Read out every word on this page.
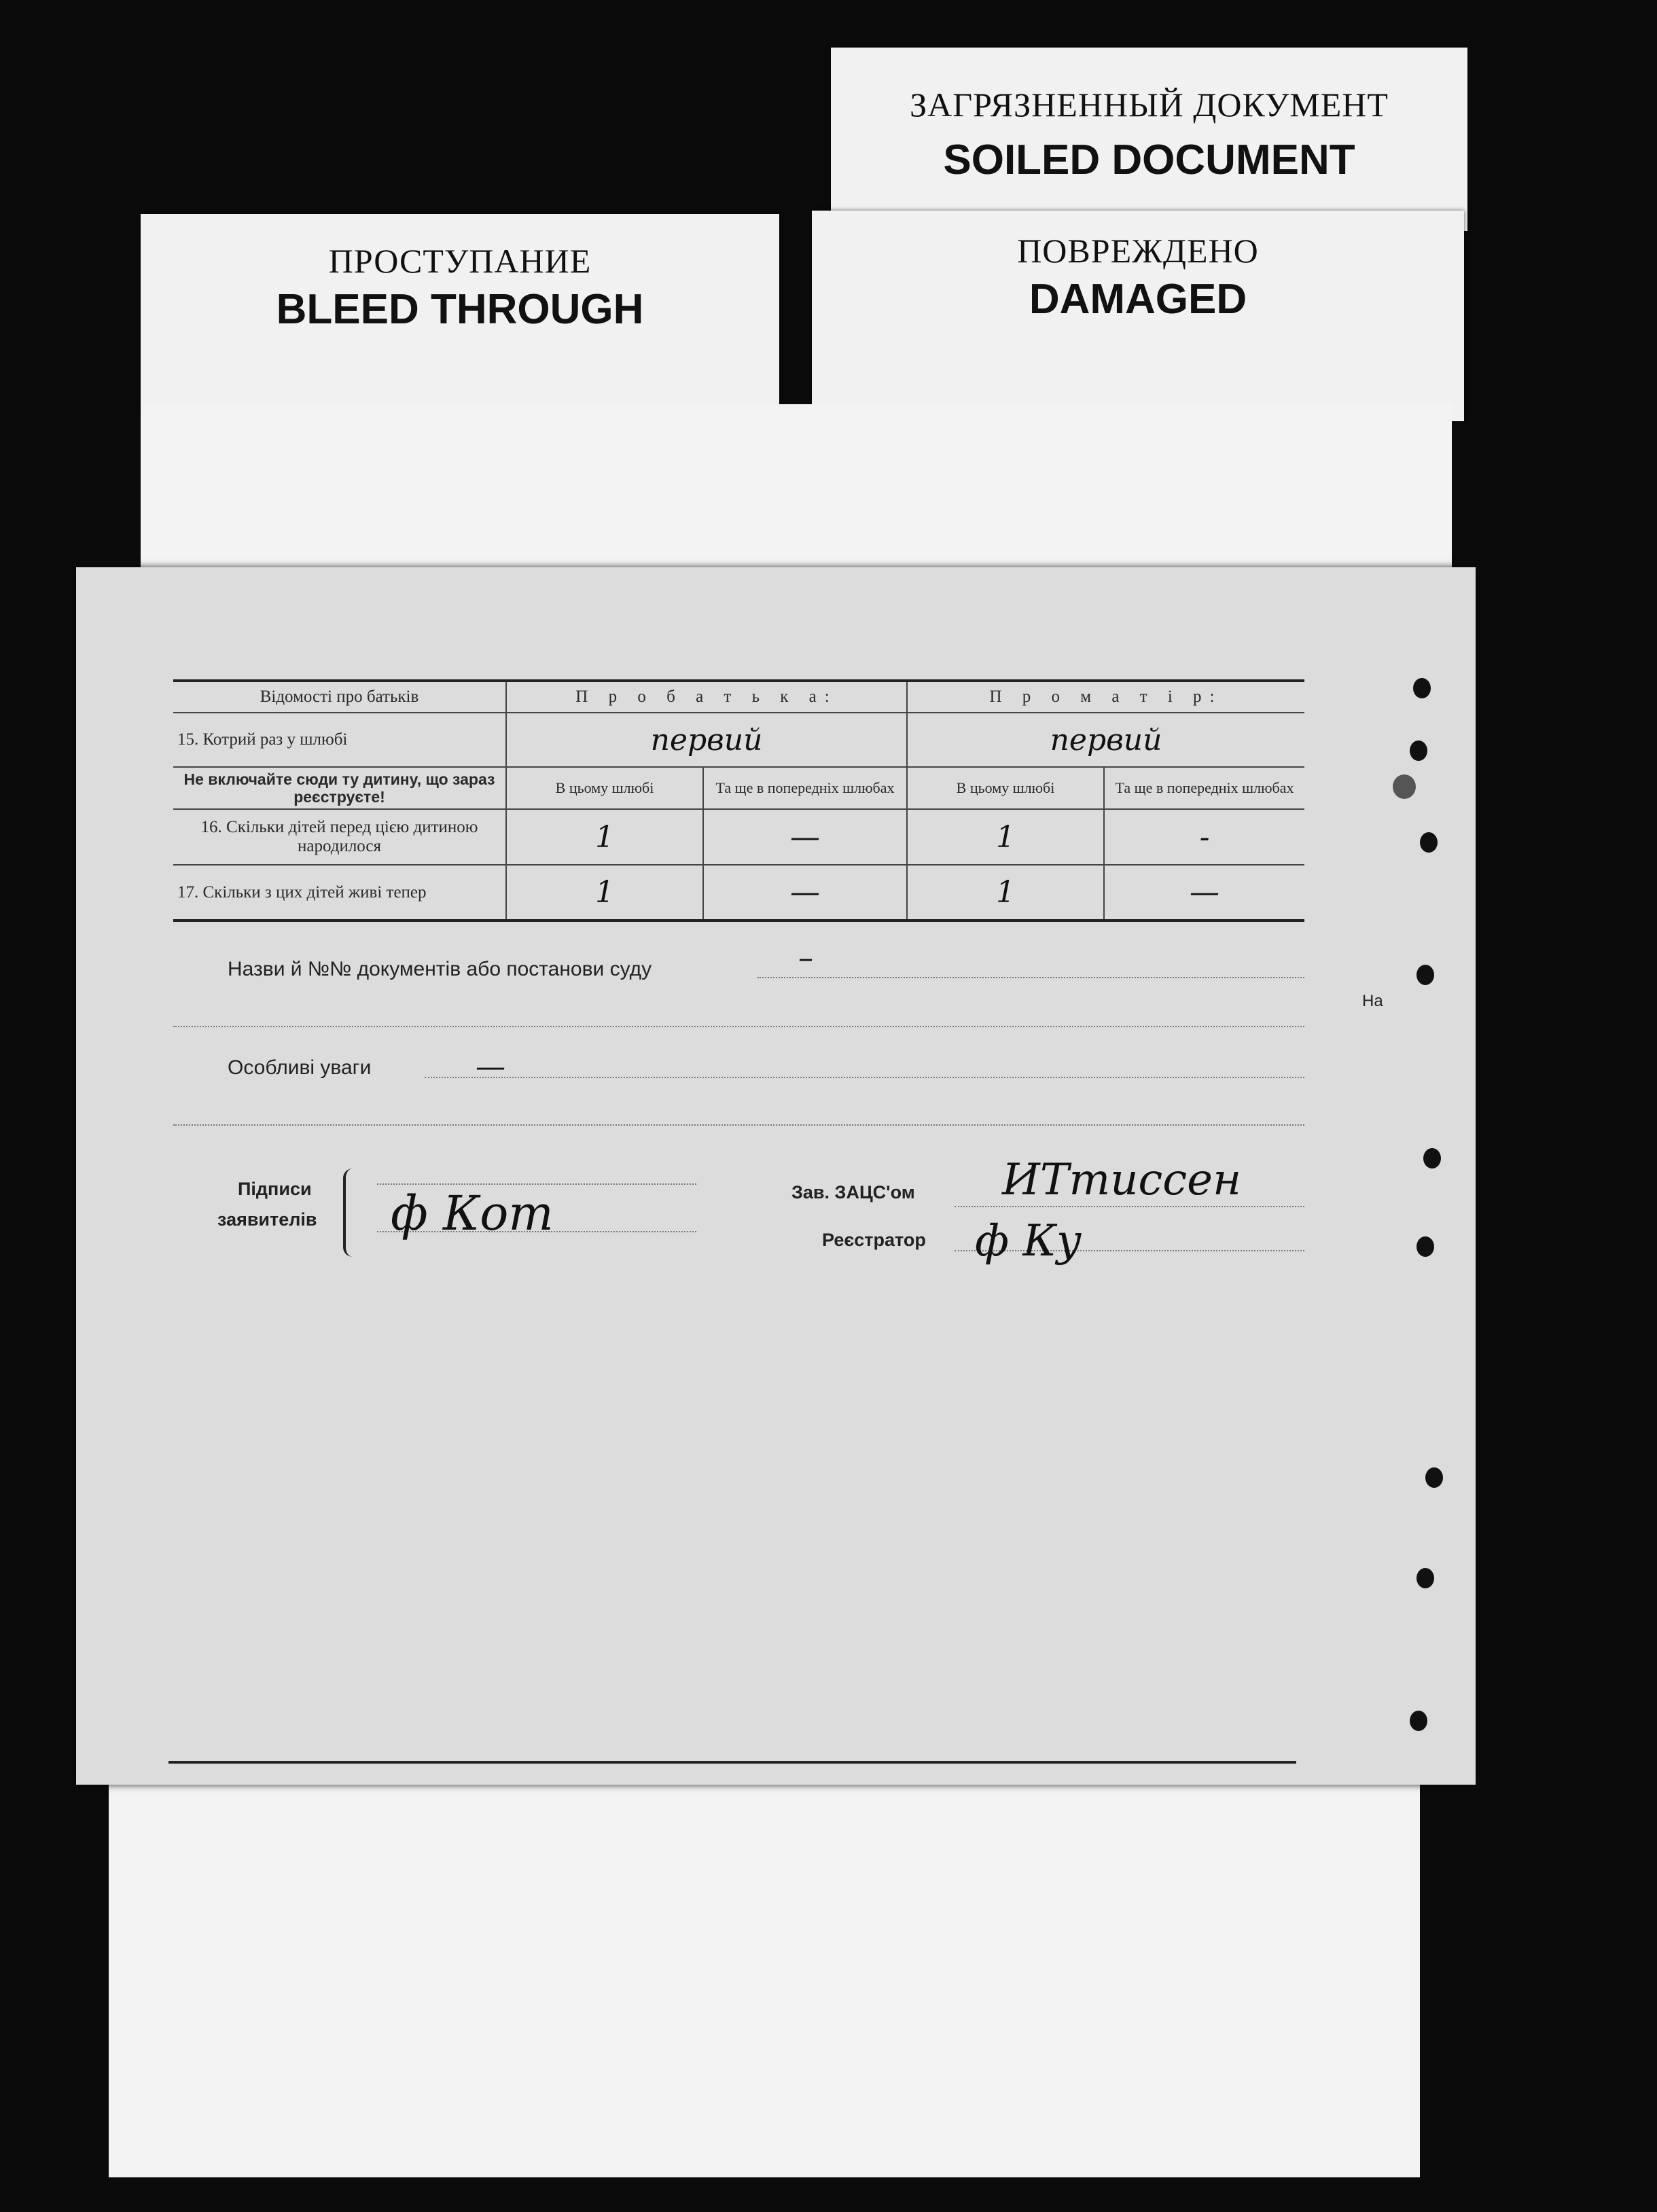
ЗАГРЯЗНЕННЫЙ ДОКУМЕНТ
SOILED DOCUMENT
ПРОСТУПАНИЕ
BLEED THROUGH
ПОВРЕЖДЕНО
DAMAGED
Відомості про батьків	П р о б а т ь к а:		П р о м а т і р:	
15. Котрий раз у шлюбі	первий		первий	
Не включайте сюди ту дитину, що зараз реєструєте!	В цьому шлюбі	Та ще в попередніх шлюбах	В цьому шлюбі	Та ще в попередніх шлюбах
16. Скільки дітей перед цією дитиною народилося	1	—	1	-
17. Скільки з цих дітей живі тепер	1	—	1	—
Назви й №№ документів або постанови суду	–
Особливі уваги	—
Підписи
заявителів ф Кот	Зав. ЗАЦС'ом ИТтиссен
Реєстратор ф Ку
На
